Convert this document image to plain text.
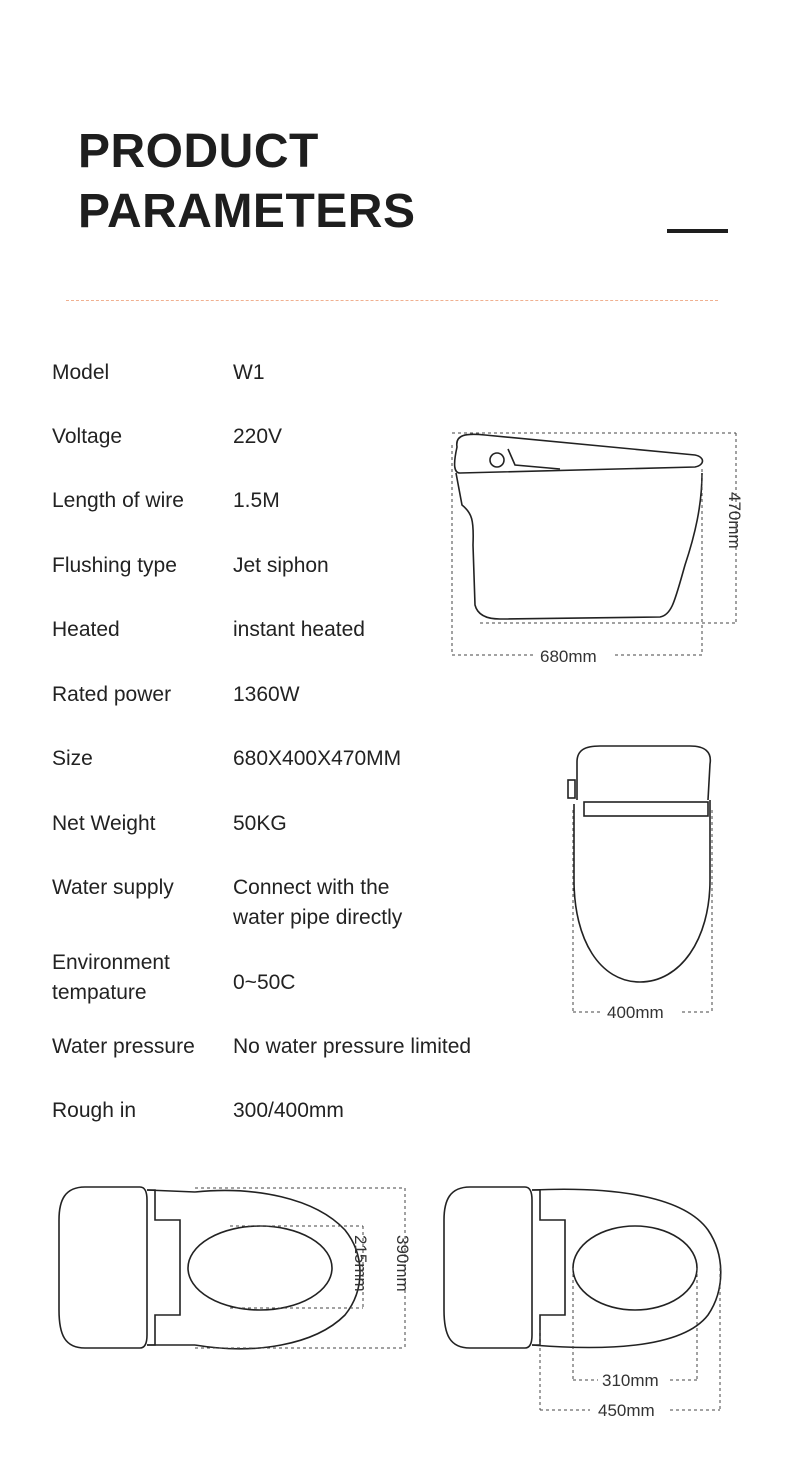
PRODUCT
PARAMETERS
Model	W1
Voltage	220V
Length of wire	1.5M
Flushing type	Jet siphon
Heated	instant heated
Rated power	1360W
Size	680X400X470MM
Net Weight	50KG
Water supply	Connect with the water pipe directly
Environment tempature	0~50C
Water pressure	No water pressure limited
Rough in	300/400mm
680mm
470mm
400mm
215mm 390mm
310mm
450mm
